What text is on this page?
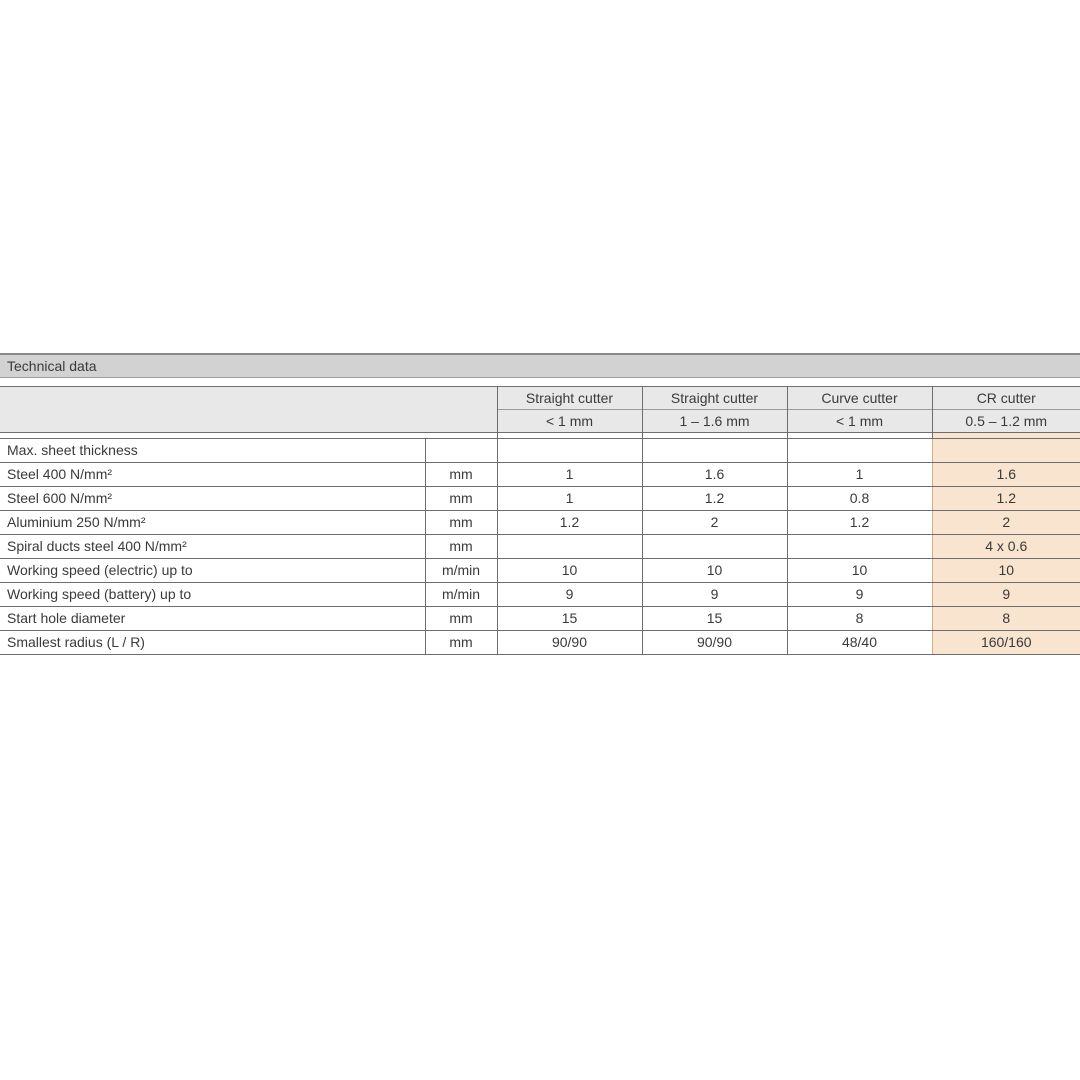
Technical data
		Straight cutter	Straight cutter	Curve cutter	CR cutter
		< 1 mm	1 – 1.6 mm	< 1 mm	0.5 – 1.2 mm

Max. sheet thickness					
Steel 400 N/mm²	mm	1	1.6	1	1.6
Steel 600 N/mm²	mm	1	1.2	0.8	1.2
Aluminium 250 N/mm²	mm	1.2	2	1.2	2
Spiral ducts steel 400 N/mm²	mm				4 x 0.6
Working speed (electric) up to	m/min	10	10	10	10
Working speed (battery) up to	m/min	9	9	9	9
Start hole diameter	mm	15	15	8	8
Smallest radius (L / R)	mm	90/90	90/90	48/40	160/160
